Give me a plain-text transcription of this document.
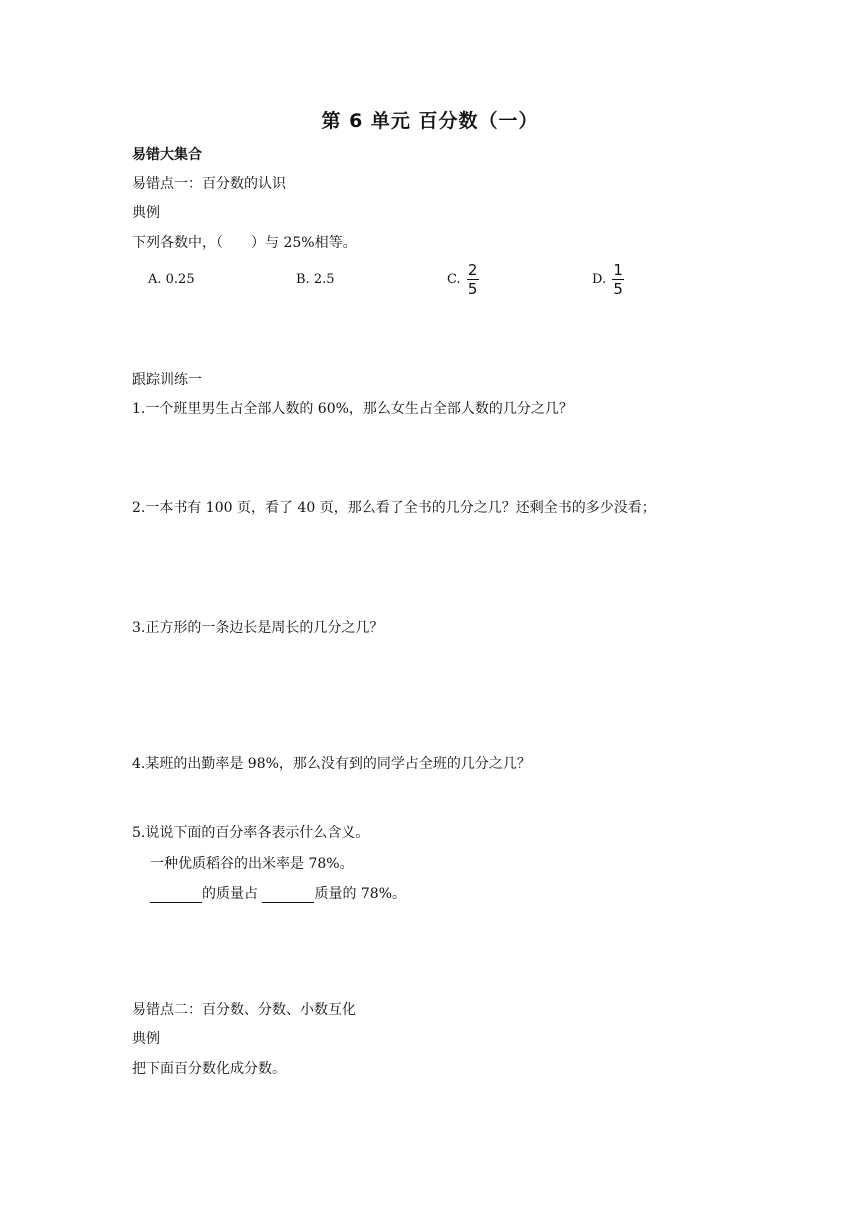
第 6 单元 百分数（一）
易错大集合
易错点一：百分数的认识
典例
下列各数中，（　　）与 25%相等。
A. 0.25	B. 2.5	C. $\frac{2}{5}$	D. $\frac{1}{5}$
跟踪训练一
1.一个班里男生占全部人数的 60%，那么女生占全部人数的几分之几？
2.一本书有 100 页，看了 40 页，那么看了全书的几分之几？还剩全书的多少没看；
3.正方形的一条边长是周长的几分之几？
4.某班的出勤率是 98%，那么没有到的同学占全班的几分之几？
5.说说下面的百分率各表示什么含义。
一种优质稻谷的出米率是 78%。
的质量占	质量的 78%。
易错点二：百分数、分数、小数互化
典例
把下面百分数化成分数。
